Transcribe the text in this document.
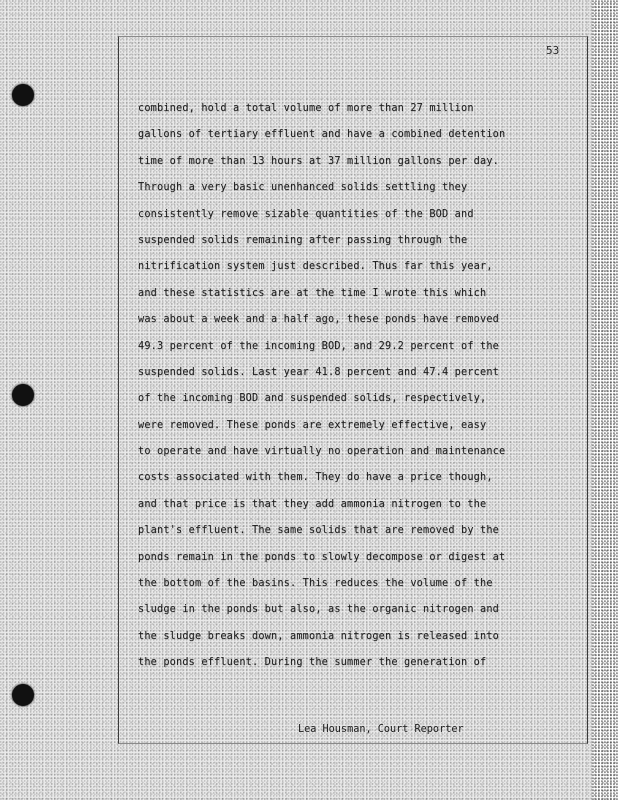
53
combined, hold a total volume of more than 27 million
gallons of tertiary effluent and have a combined detention
time of more than 13 hours at 37 million gallons per day.
Through a very basic unenhanced solids settling they
consistently remove sizable quantities of the BOD and
suspended solids remaining after passing through the
nitrification system just described. Thus far this year,
and these statistics are at the time I wrote this which
was about a week and a half ago, these ponds have removed
49.3 percent of the incoming BOD, and 29.2 percent of the
suspended solids. Last year 41.8 percent and 47.4 percent
of the incoming BOD and suspended solids, respectively,
were removed. These ponds are extremely effective, easy
to operate and have virtually no operation and maintenance
costs associated with them. They do have a price though,
and that price is that they add ammonia nitrogen to the
plant's effluent. The same solids that are removed by the
ponds remain in the ponds to slowly decompose or digest at
the bottom of the basins. This reduces the volume of the
sludge in the ponds but also, as the organic nitrogen and
the sludge breaks down, ammonia nitrogen is released into
the ponds effluent. During the summer the generation of
Lea Housman, Court Reporter
